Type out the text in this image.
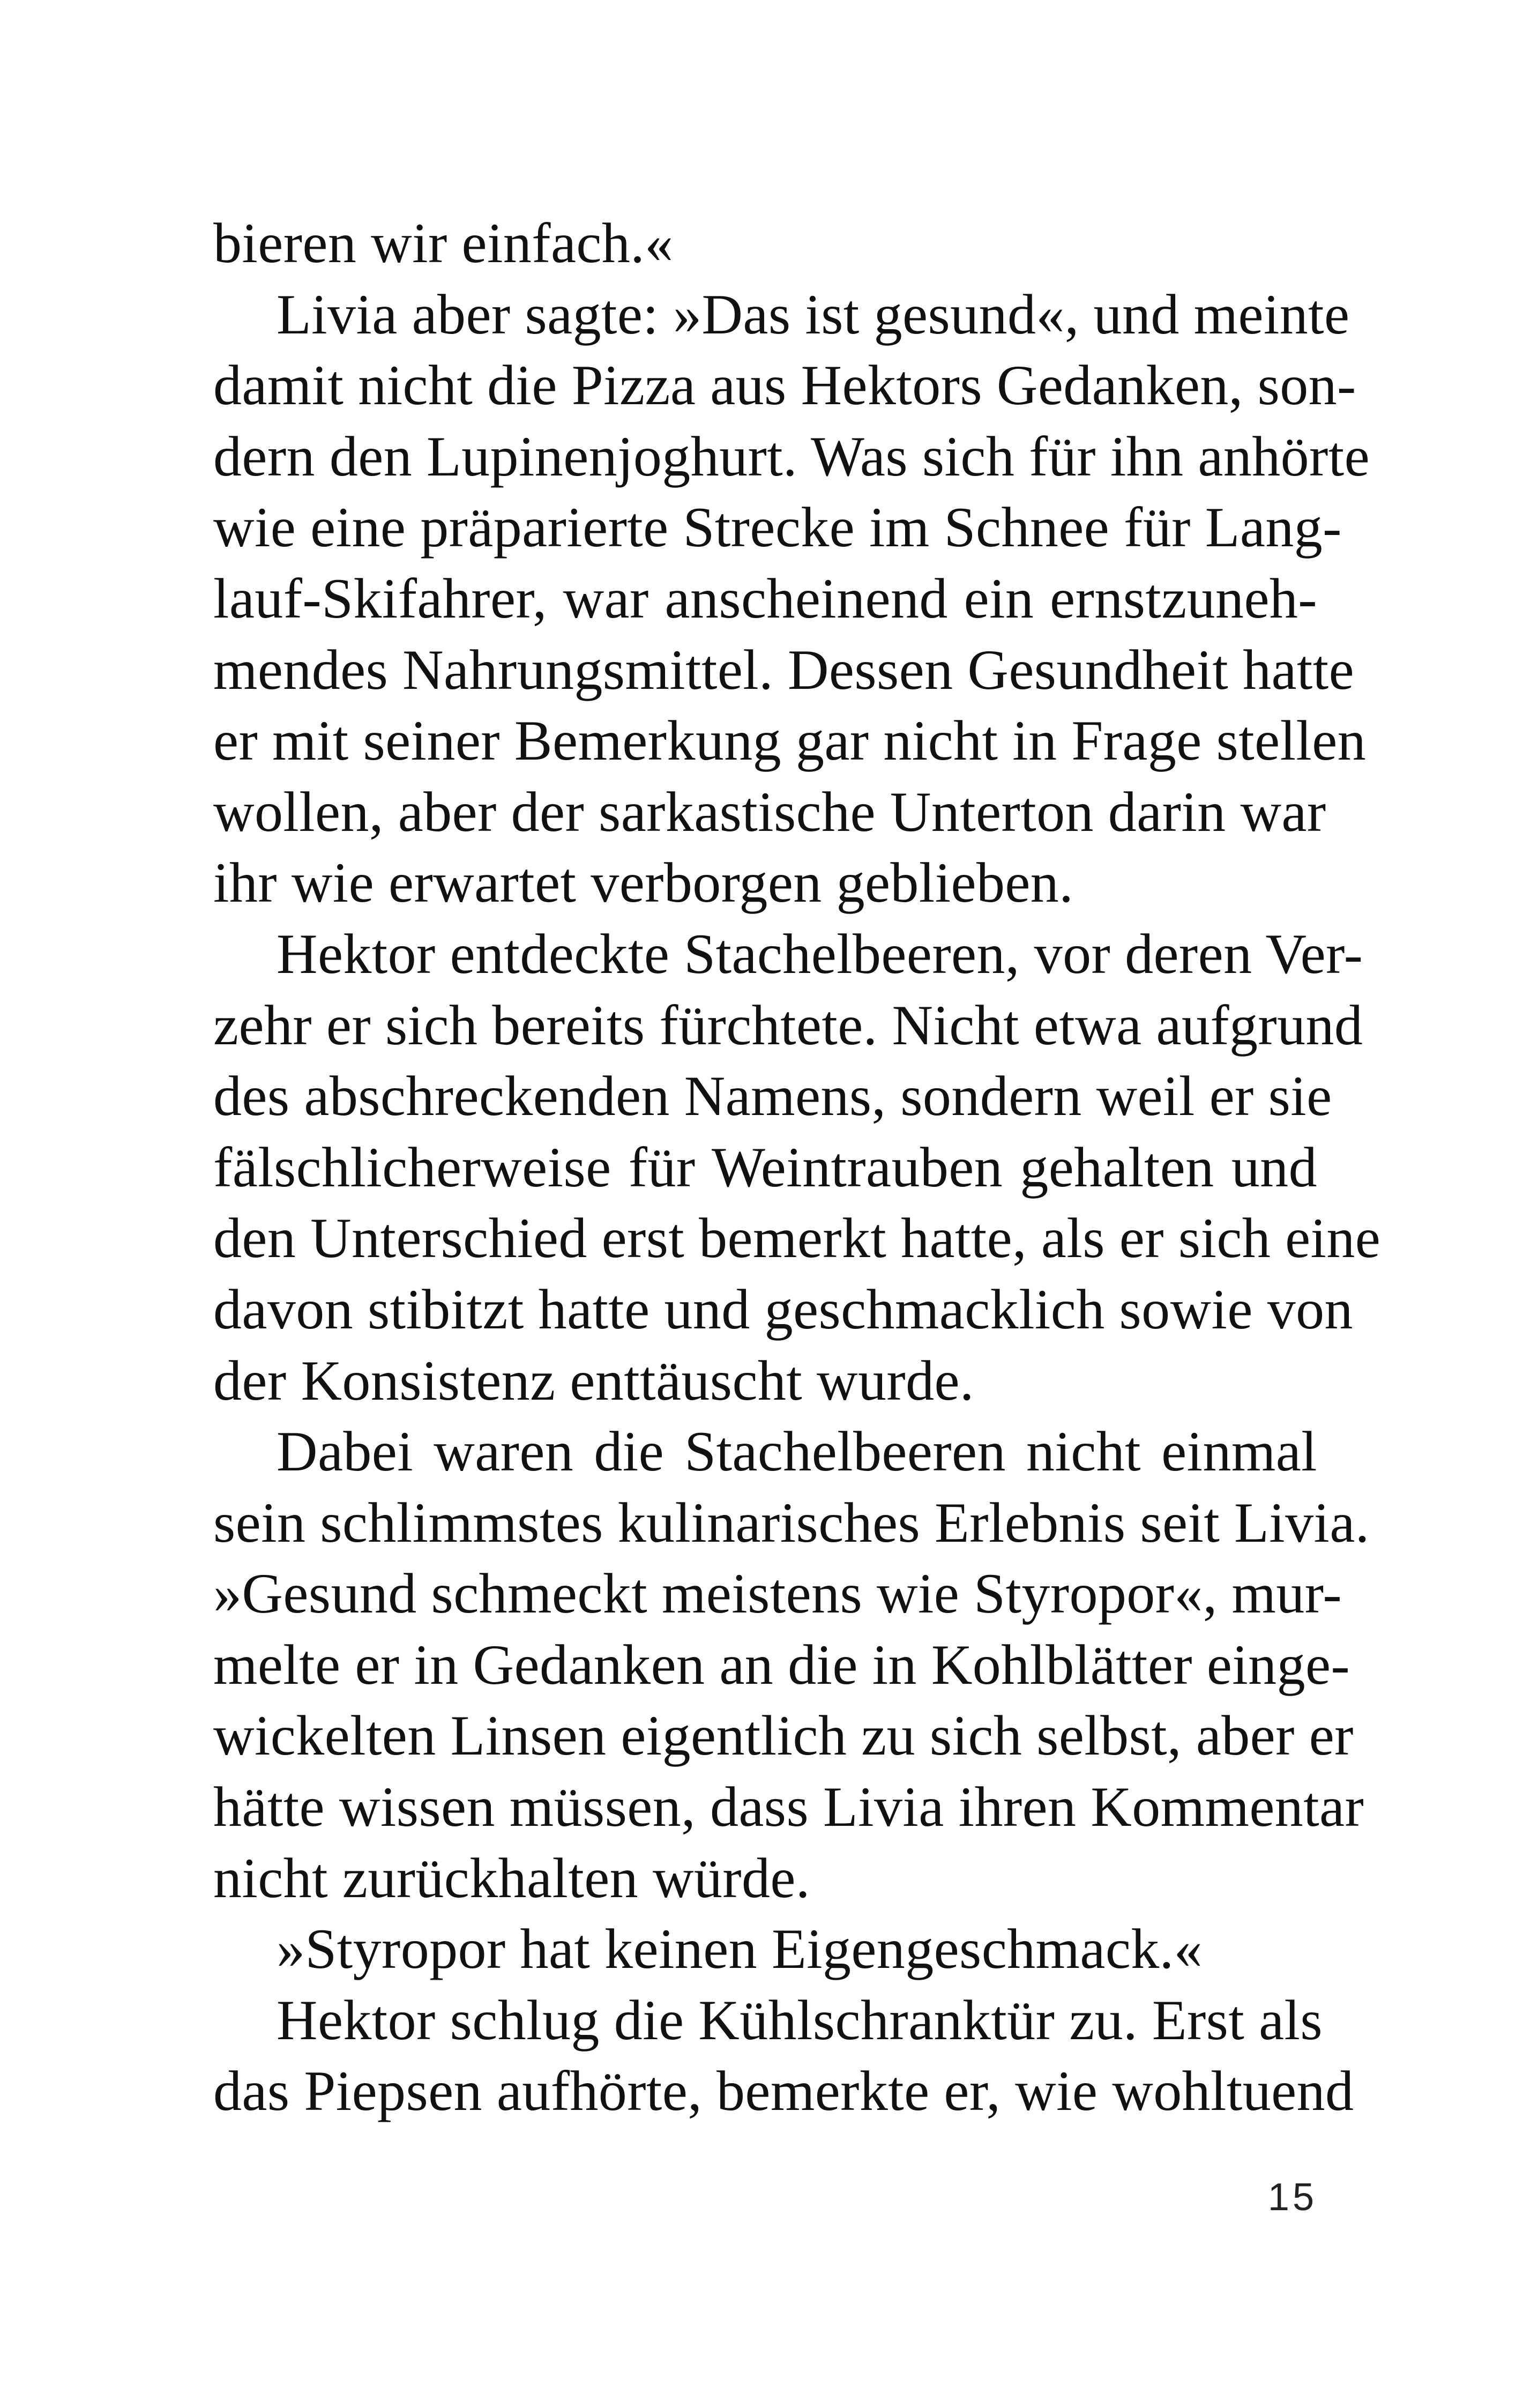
bieren wir einfach.«
Livia aber sagte: »Das ist gesund«, und meinte
damit nicht die Pizza aus Hektors Gedanken, son-
dern den Lupinenjoghurt. Was sich für ihn anhörte
wie eine präparierte Strecke im Schnee für Lang-
lauf-Skifahrer, war anscheinend ein ernstzuneh-
mendes Nahrungsmittel. Dessen Gesundheit hatte
er mit seiner Bemerkung gar nicht in Frage stellen
wollen, aber der sarkastische Unterton darin war
ihr wie erwartet verborgen geblieben.
Hektor entdeckte Stachelbeeren, vor deren Ver-
zehr er sich bereits fürchtete. Nicht etwa aufgrund
des abschreckenden Namens, sondern weil er sie
fälschlicherweise für Weintrauben gehalten und
den Unterschied erst bemerkt hatte, als er sich eine
davon stibitzt hatte und geschmacklich sowie von
der Konsistenz enttäuscht wurde.
Dabei waren die Stachelbeeren nicht einmal
sein schlimmstes kulinarisches Erlebnis seit Livia.
»Gesund schmeckt meistens wie Styropor«, mur-
melte er in Gedanken an die in Kohlblätter einge-
wickelten Linsen eigentlich zu sich selbst, aber er
hätte wissen müssen, dass Livia ihren Kommentar
nicht zurückhalten würde.
»Styropor hat keinen Eigengeschmack.«
Hektor schlug die Kühlschranktür zu. Erst als
das Piepsen aufhörte, bemerkte er, wie wohltuend
15
